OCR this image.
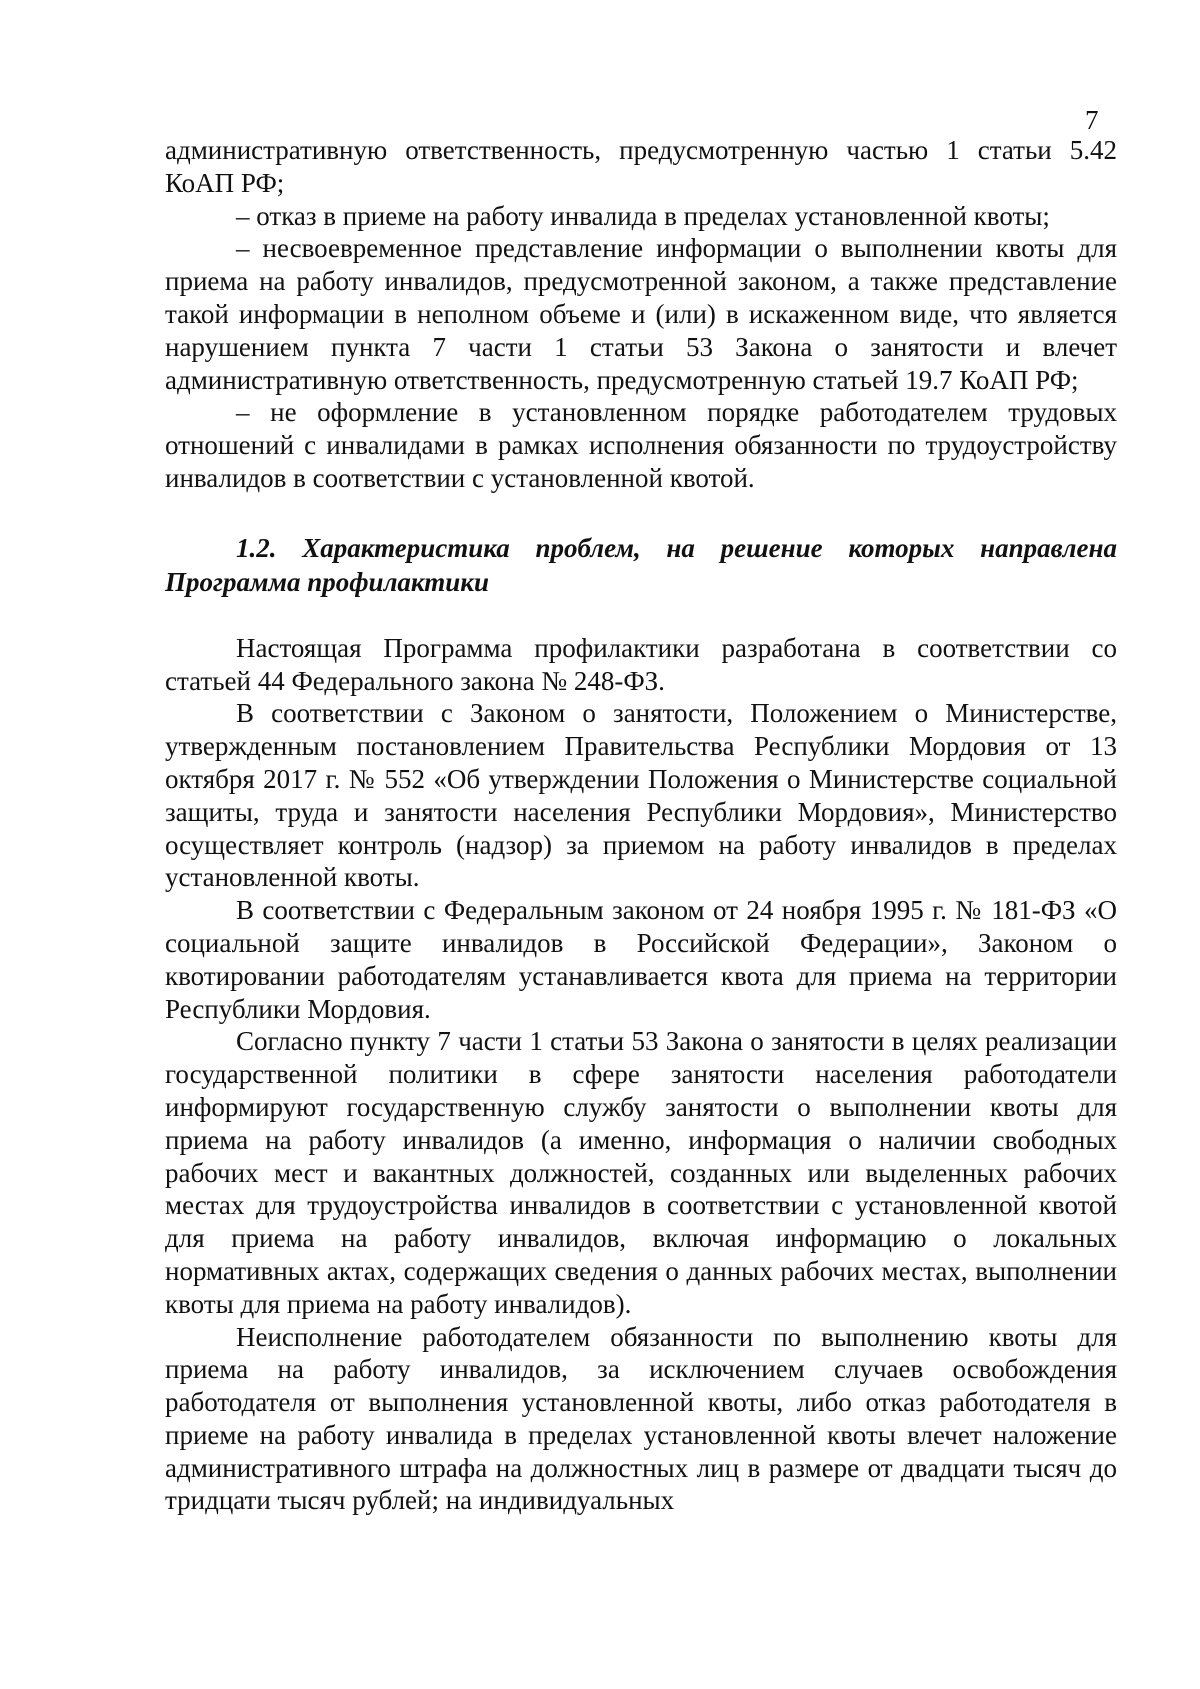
7

административную ответственность, предусмотренную частью 1 статьи 5.42 КоАП РФ;

– отказ в приеме на работу инвалида в пределах установленной квоты;

– несвоевременное представление информации о выполнении квоты для приема на работу инвалидов, предусмотренной законом, а также представление такой информации в неполном объеме и (или) в искаженном виде, что является нарушением пункта 7 части 1 статьи 53 Закона о занятости и влечет административную ответственность, предусмотренную статьей 19.7 КоАП РФ;

– не оформление в установленном порядке работодателем трудовых отношений с инвалидами в рамках исполнения обязанности по трудоустройству инвалидов в соответствии с установленной квотой.

1.2. Характеристика проблем, на решение которых направлена Программа профилактики

Настоящая Программа профилактики разработана в соответствии со статьей 44 Федерального закона № 248-ФЗ.

В соответствии с Законом о занятости, Положением о Министерстве, утвержденным постановлением Правительства Республики Мордовия от 13 октября 2017 г. № 552 «Об утверждении Положения о Министерстве социальной защиты, труда и занятости населения Республики Мордовия», Министерство осуществляет контроль (надзор) за приемом на работу инвалидов в пределах установленной квоты.

В соответствии с Федеральным законом от 24 ноября 1995 г. № 181-ФЗ «О социальной защите инвалидов в Российской Федерации», Законом о квотировании работодателям устанавливается квота для приема на территории Республики Мордовия.

Согласно пункту 7 части 1 статьи 53 Закона о занятости в целях реализации государственной политики в сфере занятости населения работодатели информируют государственную службу занятости о выполнении квоты для приема на работу инвалидов (а именно, информация о наличии свободных рабочих мест и вакантных должностей, созданных или выделенных рабочих местах для трудоустройства инвалидов в соответствии с установленной квотой для приема на работу инвалидов, включая информацию о локальных нормативных актах, содержащих сведения о данных рабочих местах, выполнении квоты для приема на работу инвалидов).

Неисполнение работодателем обязанности по выполнению квоты для приема на работу инвалидов, за исключением случаев освобождения работодателя от выполнения установленной квоты, либо отказ работодателя в приеме на работу инвалида в пределах установленной квоты влечет наложение административного штрафа на должностных лиц в размере от двадцати тысяч до тридцати тысяч рублей; на индивидуальных
